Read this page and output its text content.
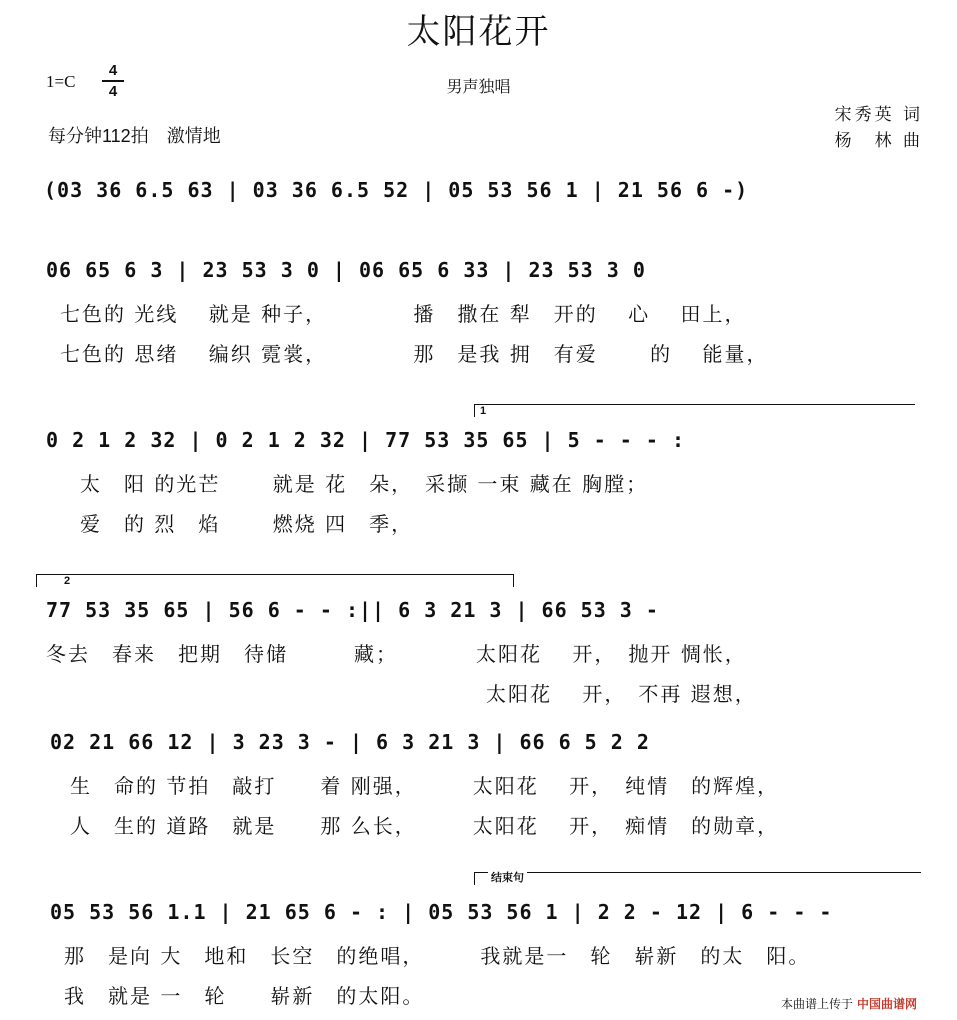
太阳花开
1=C
4
4	男声独唱
每分钟112拍　激情地
宋秀英 词
杨　林 曲
(03 36 6.5 63 | 03 36 6.5 52 | 05 53 56 1 | 21 56 6 -)
06 65 6 3 | 23 53 3 0 | 06 65 6 33 | 23 53 3 0
七色的 光线　 就是 种子，　　　　 播　撒在 犁　开的　 心　 田上，
七色的 思绪　 编织 霓裳，　　　　 那　是我 拥　有爱　　 的　 能量，
1
0 2 1 2 32 | 0 2 1 2 32 | 77 53 35 65 | 5 - - - :
太　阳 的光芒　　 就是 花　朵，　采撷 一束 藏在 胸膛；
爱　的 烈　焰　　 燃烧 四　季，
2
77 53 35 65 | 56 6 - - :|| 6 3 21 3 | 66 53 3 -
冬去　春来　把期　待储　　　藏；　　　　太阳花　 开，　抛开 惆怅，
　　　　　　　　　　　　　　　　　　　　太阳花　 开，　不再 遐想，
02 21 66 12 | 3 23 3 - | 6 3 21 3 | 66 6 5 2 2
生　命的 节拍　敲打　　着 刚强，　　　太阳花　 开，　纯情　的辉煌，
人　生的 道路　就是　　那 么长，　　　太阳花　 开，　痴情　的勋章，
结束句
05 53 56 1.1 | 21 65 6 - : | 05 53 56 1 | 2 2 - 12 | 6 - - -
那　是向 大　地和　长空　的绝唱，　　　我就是一　轮　崭新　的太　阳。
我　就是 一　轮　　崭新　的太阳。	本曲谱上传于 中国曲谱网
